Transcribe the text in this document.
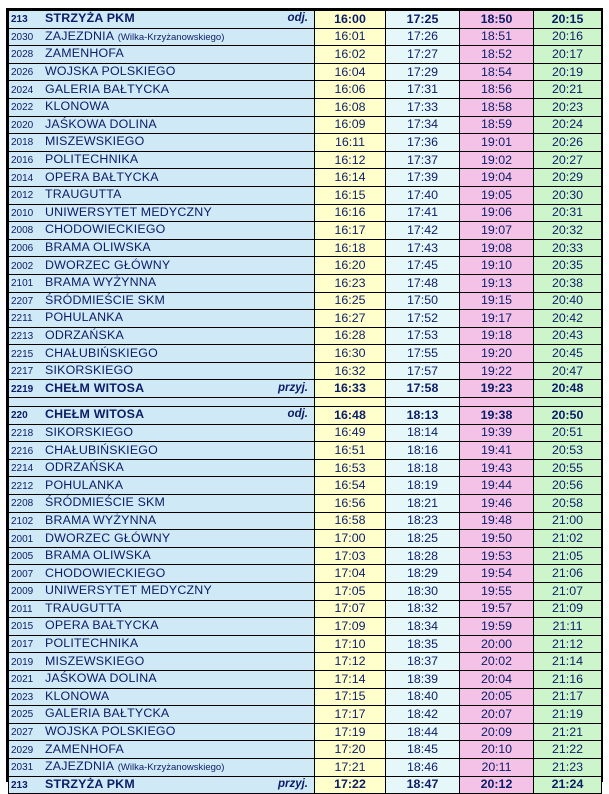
213 STRZYŻA PKM odj.	16:00	17:25	18:50	20:15
2030 ZAJEZDNIA (Wilka-Krzyżanowskiego)	16:01	17:26	18:51	20:16
2028 ZAMENHOFA	16:02	17:27	18:52	20:17
2026 WOJSKA POLSKIEGO	16:04	17:29	18:54	20:19
2024 GALERIA BAŁTYCKA	16:06	17:31	18:56	20:21
2022 KLONOWA	16:08	17:33	18:58	20:23
2020 JAŚKOWA DOLINA	16:09	17:34	18:59	20:24
2018 MISZEWSKIEGO	16:11	17:36	19:01	20:26
2016 POLITECHNIKA	16:12	17:37	19:02	20:27
2014 OPERA BAŁTYCKA	16:14	17:39	19:04	20:29
2012 TRAUGUTTA	16:15	17:40	19:05	20:30
2010 UNIWERSYTET MEDYCZNY	16:16	17:41	19:06	20:31
2008 CHODOWIECKIEGO	16:17	17:42	19:07	20:32
2006 BRAMA OLIWSKA	16:18	17:43	19:08	20:33
2002 DWORZEC GŁÓWNY	16:20	17:45	19:10	20:35
2101 BRAMA WYŻYNNA	16:23	17:48	19:13	20:38
2207 ŚRÓDMIEŚCIE SKM	16:25	17:50	19:15	20:40
2211 POHULANKA	16:27	17:52	19:17	20:42
2213 ODRZAŃSKA	16:28	17:53	19:18	20:43
2215 CHAŁUBIŃSKIEGO	16:30	17:55	19:20	20:45
2217 SIKORSKIEGO	16:32	17:57	19:22	20:47
2219 CHEŁM WITOSA przyj.	16:33	17:58	19:23	20:48

220 CHEŁM WITOSA odj.	16:48	18:13	19:38	20:50
2218 SIKORSKIEGO	16:49	18:14	19:39	20:51
2216 CHAŁUBIŃSKIEGO	16:51	18:16	19:41	20:53
2214 ODRZAŃSKA	16:53	18:18	19:43	20:55
2212 POHULANKA	16:54	18:19	19:44	20:56
2208 ŚRÓDMIEŚCIE SKM	16:56	18:21	19:46	20:58
2102 BRAMA WYŻYNNA	16:58	18:23	19:48	21:00
2001 DWORZEC GŁÓWNY	17:00	18:25	19:50	21:02
2005 BRAMA OLIWSKA	17:03	18:28	19:53	21:05
2007 CHODOWIECKIEGO	17:04	18:29	19:54	21:06
2009 UNIWERSYTET MEDYCZNY	17:05	18:30	19:55	21:07
2011 TRAUGUTTA	17:07	18:32	19:57	21:09
2015 OPERA BAŁTYCKA	17:09	18:34	19:59	21:11
2017 POLITECHNIKA	17:10	18:35	20:00	21:12
2019 MISZEWSKIEGO	17:12	18:37	20:02	21:14
2021 JAŚKOWA DOLINA	17:14	18:39	20:04	21:16
2023 KLONOWA	17:15	18:40	20:05	21:17
2025 GALERIA BAŁTYCKA	17:17	18:42	20:07	21:19
2027 WOJSKA POLSKIEGO	17:19	18:44	20:09	21:21
2029 ZAMENHOFA	17:20	18:45	20:10	21:22
2031 ZAJEZDNIA (Wilka-Krzyżanowskiego)	17:21	18:46	20:11	21:23
213 STRZYŻA PKM przyj.	17:22	18:47	20:12	21:24
